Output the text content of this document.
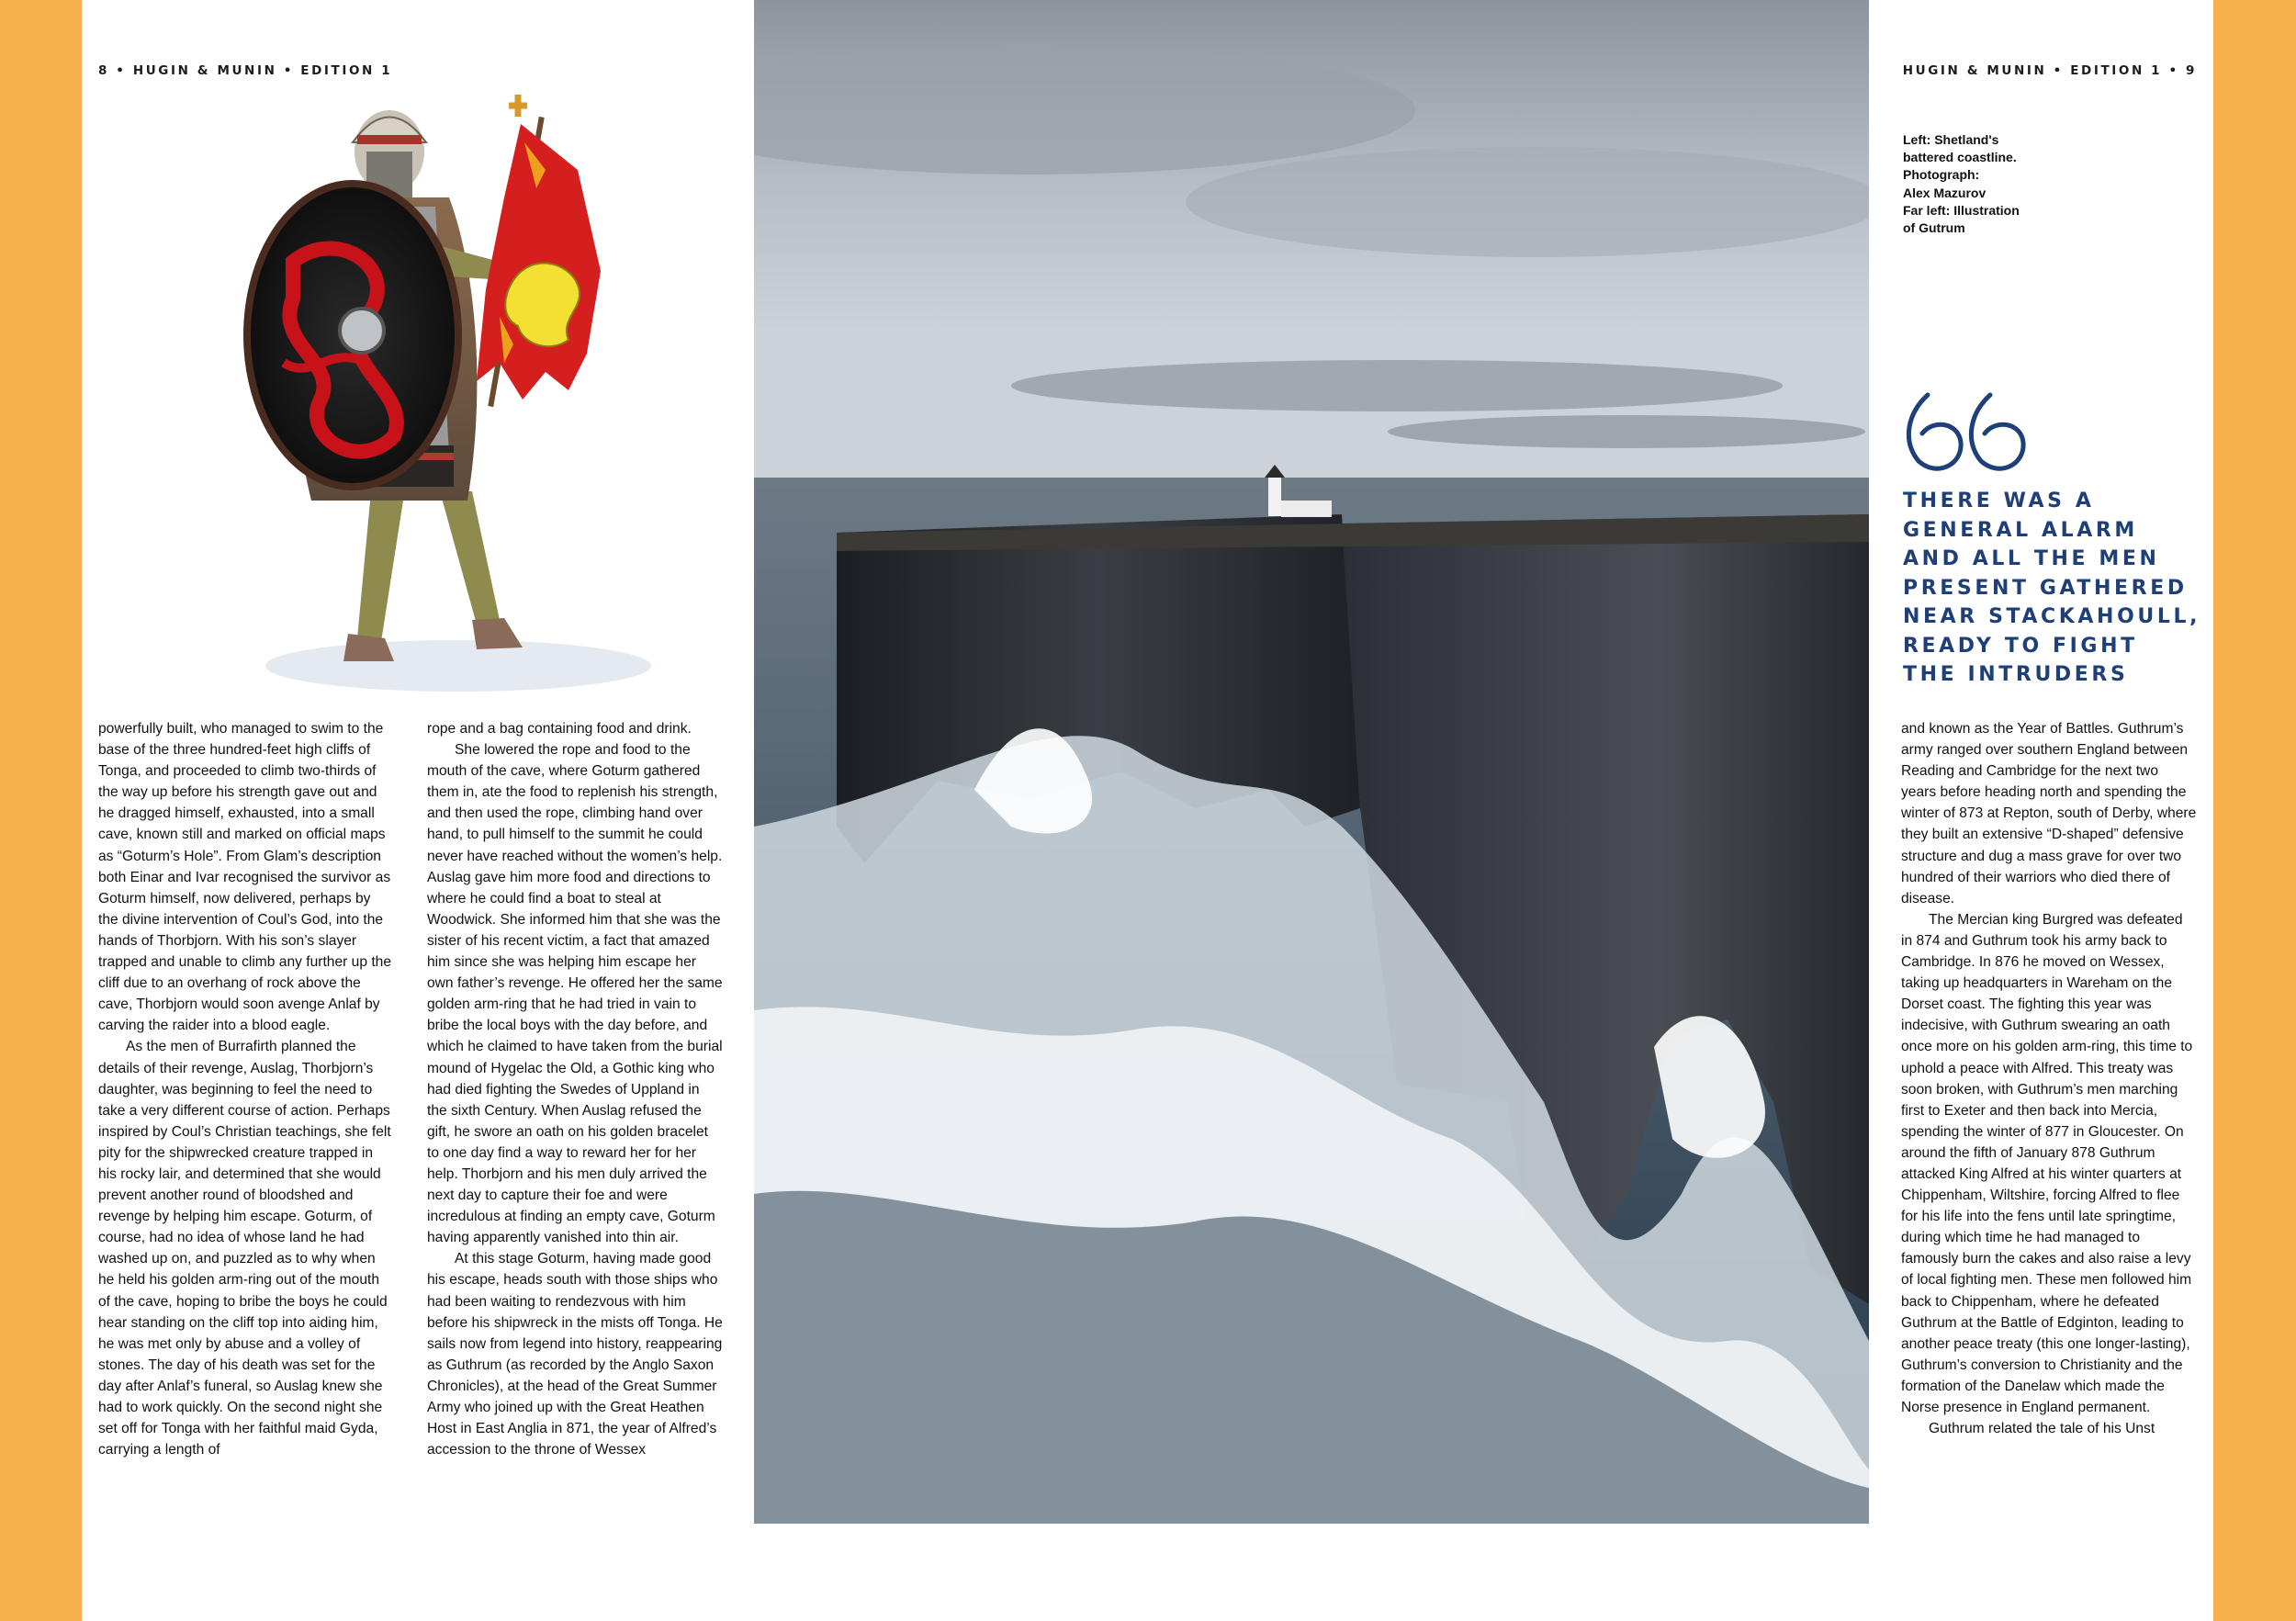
8 • HUGIN & MUNIN • EDITION 1	HUGIN & MUNIN • EDITION 1 • 9

powerfully built, who managed to swim to the base of the three hundred-feet high cliffs of Tonga, and proceeded to climb two-thirds of the way up before his strength gave out and he dragged himself, exhausted, into a small cave, known still and marked on official maps as “Goturm’s Hole”. From Glam’s description both Einar and Ivar recognised the survivor as Goturm himself, now delivered, perhaps by the divine intervention of Coul’s God, into the hands of Thorbjorn. With his son’s slayer trapped and unable to climb any further up the cliff due to an overhang of rock above the cave, Thorbjorn would soon avenge Anlaf by carving the raider into a blood eagle.

As the men of Burrafirth planned the details of their revenge, Auslag, Thorbjorn’s daughter, was beginning to feel the need to take a very different course of action. Perhaps inspired by Coul’s Christian teachings, she felt pity for the shipwrecked creature trapped in his rocky lair, and determined that she would prevent another round of bloodshed and revenge by helping him escape. Goturm, of course, had no idea of whose land he had washed up on, and puzzled as to why when he held his golden arm-ring out of the mouth of the cave, hoping to bribe the boys he could hear standing on the cliff top into aiding him, he was met only by abuse and a volley of stones. The day of his death was set for the day after Anlaf’s funeral, so Auslag knew she had to work quickly. On the second night she set off for Tonga with her faithful maid Gyda, carrying a length of

rope and a bag containing food and drink.

She lowered the rope and food to the mouth of the cave, where Goturm gathered them in, ate the food to replenish his strength, and then used the rope, climbing hand over hand, to pull himself to the summit he could never have reached without the women’s help. Auslag gave him more food and directions to where he could find a boat to steal at Woodwick. She informed him that she was the sister of his recent victim, a fact that amazed him since she was helping him escape her own father’s revenge. He offered her the same golden arm-ring that he had tried in vain to bribe the local boys with the day before, and which he claimed to have taken from the burial mound of Hygelac the Old, a Gothic king who had died fighting the Swedes of Uppland in the sixth Century. When Auslag refused the gift, he swore an oath on his golden bracelet to one day find a way to reward her for her help. Thorbjorn and his men duly arrived the next day to capture their foe and were incredulous at finding an empty cave, Goturm having apparently vanished into thin air.

At this stage Goturm, having made good his escape, heads south with those ships who had been waiting to rendezvous with him before his shipwreck in the mists off Tonga. He sails now from legend into history, reappearing as Guthrum (as recorded by the Anglo Saxon Chronicles), at the head of the Great Summer Army who joined up with the Great Heathen Host in East Anglia in 871, the year of Alfred’s accession to the throne of Wessex

Left: Shetland's
battered coastline.
Photograph:
Alex Mazurov
Far left: Illustration
of Gutrum
THERE WAS A
GENERAL ALARM
AND ALL THE MEN
PRESENT GATHERED
NEAR STACKAHOULL,
READY TO FIGHT
THE INTRUDERS

and known as the Year of Battles. Guthrum’s army ranged over southern England between Reading and Cambridge for the next two years before heading north and spending the winter of 873 at Repton, south of Derby, where they built an extensive “D-shaped” defensive structure and dug a mass grave for over two hundred of their warriors who died there of disease.

The Mercian king Burgred was defeated in 874 and Guthrum took his army back to Cambridge. In 876 he moved on Wessex, taking up headquarters in Wareham on the Dorset coast. The fighting this year was indecisive, with Guthrum swearing an oath once more on his golden arm-ring, this time to uphold a peace with Alfred. This treaty was soon broken, with Guthrum’s men marching first to Exeter and then back into Mercia, spending the winter of 877 in Gloucester. On around the fifth of January 878 Guthrum attacked King Alfred at his winter quarters at Chippenham, Wiltshire, forcing Alfred to flee for his life into the fens until late springtime, during which time he had managed to famously burn the cakes and also raise a levy of local fighting men. These men followed him back to Chippenham, where he defeated Guthrum at the Battle of Edginton, leading to another peace treaty (this one longer-lasting), Guthrum’s conversion to Christianity and the formation of the Danelaw which made the Norse presence in England permanent.

Guthrum related the tale of his Unst
